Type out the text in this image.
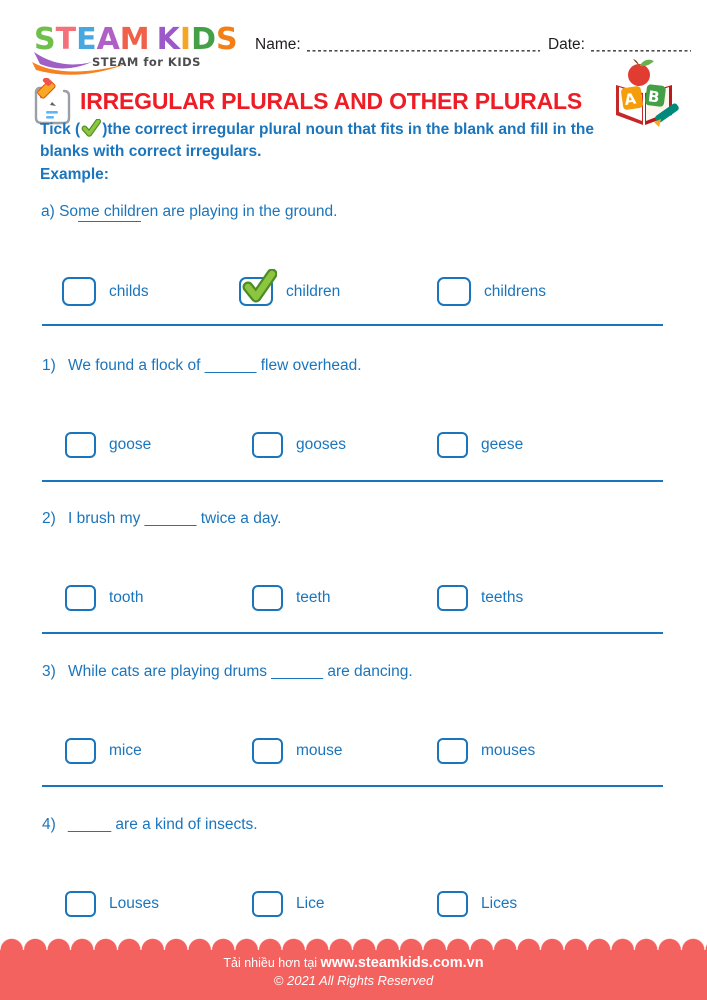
STEAM KIDS
STEAM for KIDS
Name:	Date:
IRREGULAR PLURALS AND OTHER PLURALS	A B
Tick ( )the correct irregular plural noun that fits in the blank and fill in the
blanks with correct irregulars.
Example:
a) Some children are playing in the ground.
childs	children	childrens
1) We found a flock of ______ flew overhead.
goose	gooses	geese
2) I brush my ______ twice a day.
tooth	teeth	teeths
3) While cats are playing drums ______ are dancing.
mice	mouse	mouses
4) _____ are a kind of insects.
Louses	Lice	Lices
Tải nhiều hơn tại www.steamkids.com.vn
© 2021 All Rights Reserved
